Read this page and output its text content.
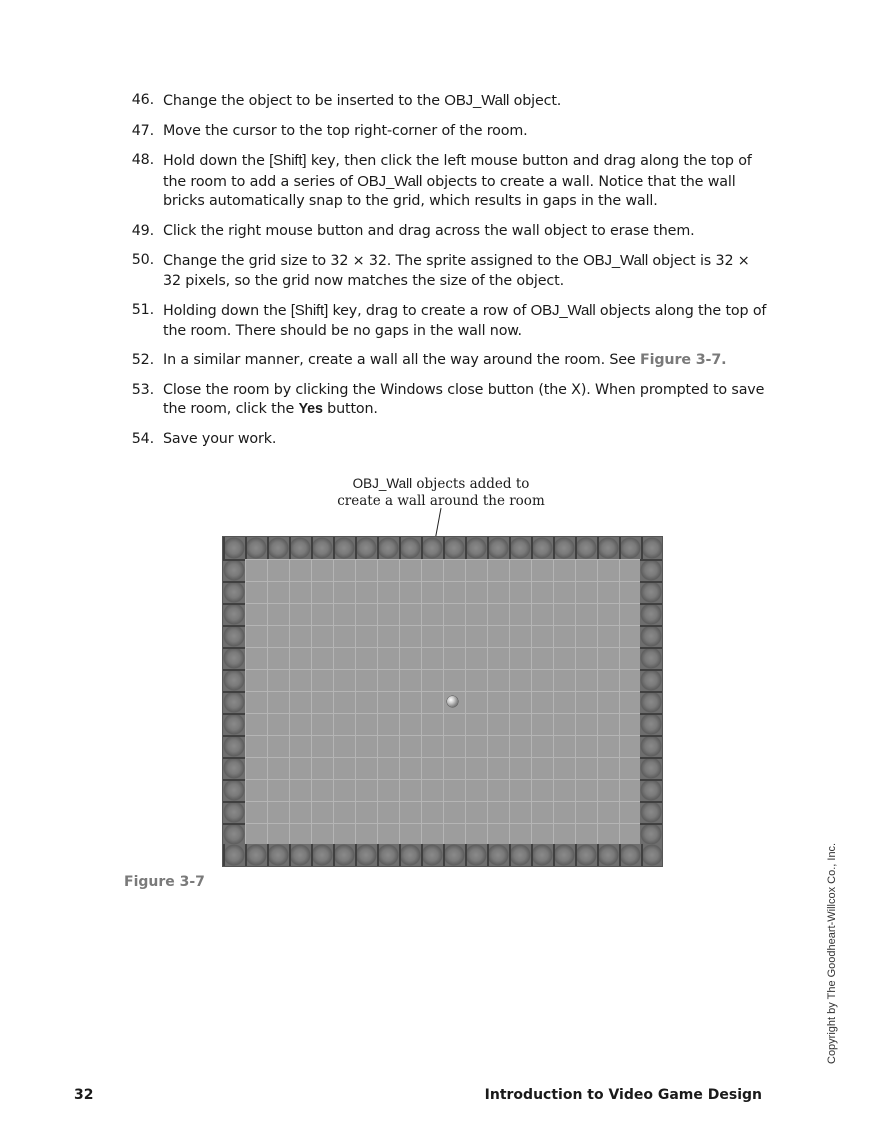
46. Change the object to be inserted to the OBJ_Wall object.
47. Move the cursor to the top right-corner of the room.
48. Hold down the [Shift] key, then click the left mouse button and drag along the top of the room to add a series of OBJ_Wall objects to create a wall. Notice that the wall bricks automatically snap to the grid, which results in gaps in the wall.
49. Click the right mouse button and drag across the wall object to erase them.
50. Change the grid size to 32 × 32. The sprite assigned to the OBJ_Wall object is 32 × 32 pixels, so the grid now matches the size of the object.
51. Holding down the [Shift] key, drag to create a row of OBJ_Wall objects along the top of the room. There should be no gaps in the wall now.
52. In a similar manner, create a wall all the way around the room. See Figure 3-7.
53. Close the room by clicking the Windows close button (the X). When prompted to save the room, click the Yes button.
54. Save your work.
OBJ_Wall objects added to
create a wall around the room
Figure 3-7	Copyright by The Goodheart-Willcox Co., Inc.
32	Introduction to Video Game Design
